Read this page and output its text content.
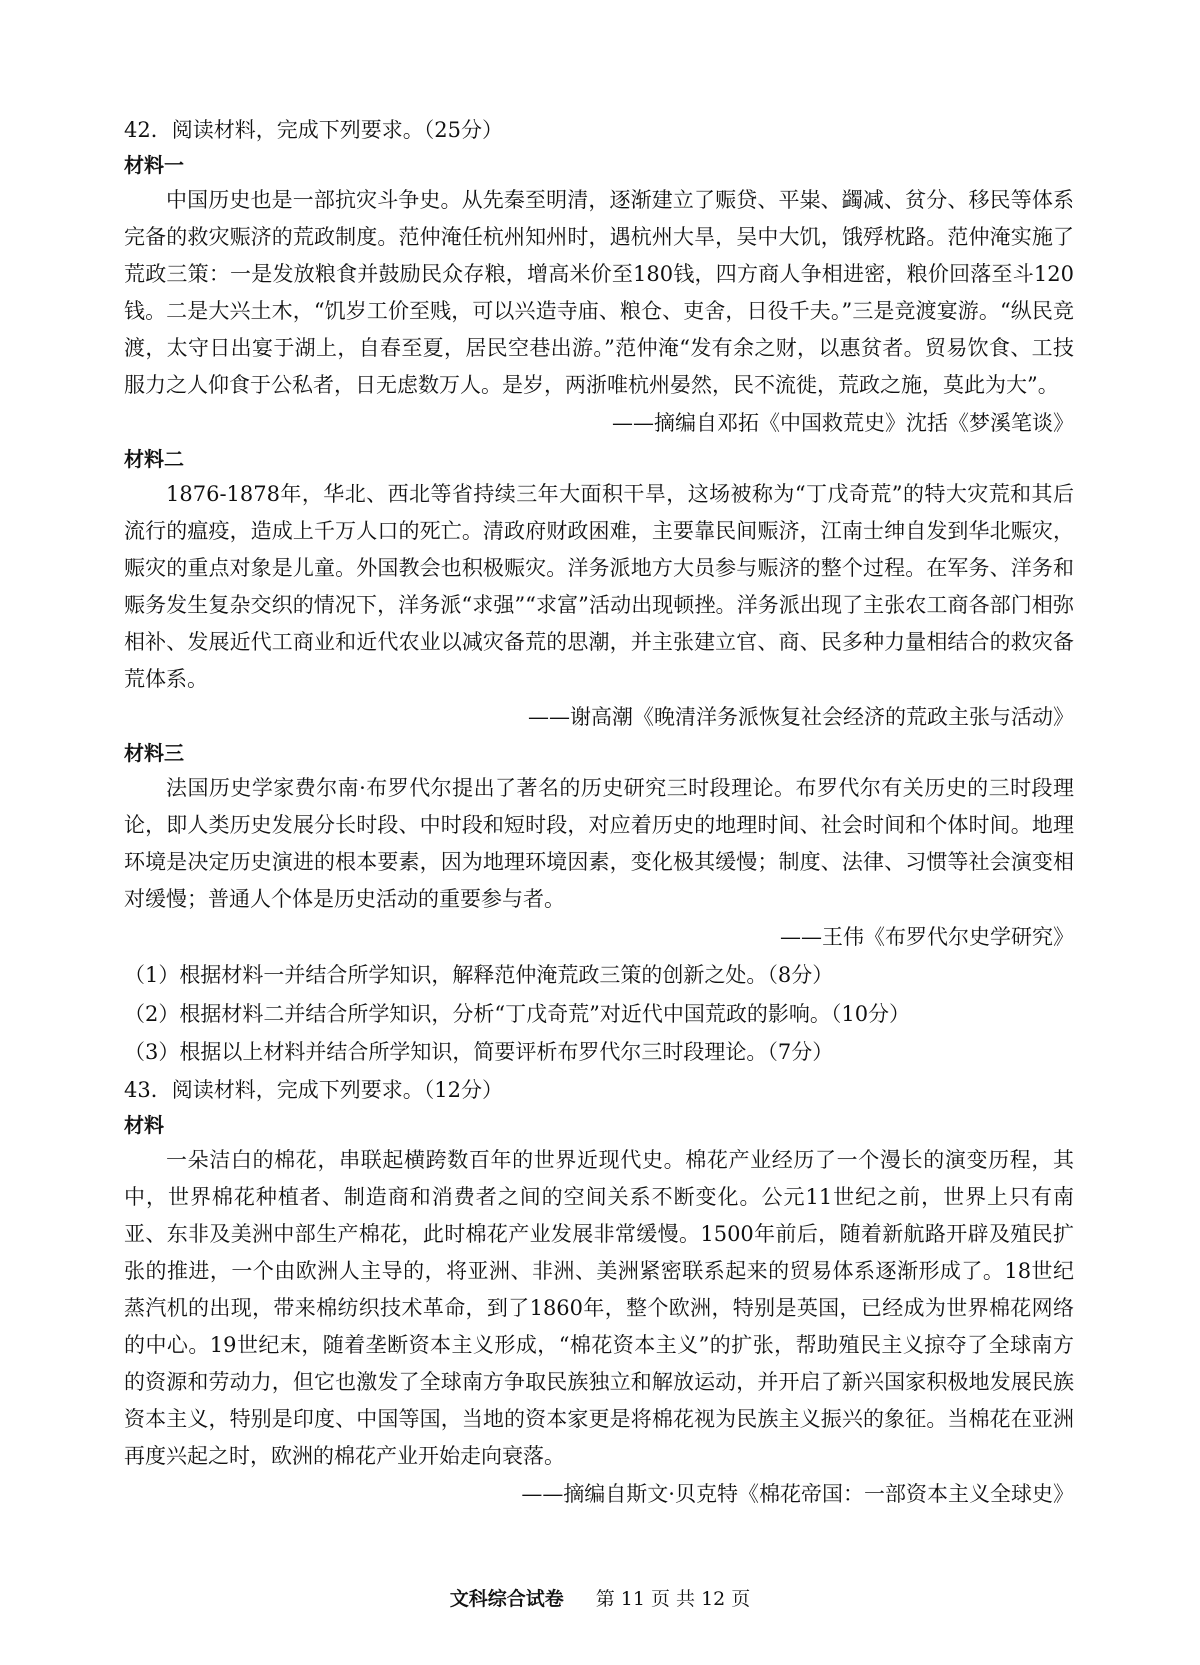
42．阅读材料，完成下列要求。（25分）
材料一

中国历史也是一部抗灾斗争史。从先秦至明清，逐渐建立了赈贷、平粜、蠲减、贫分、移民等体系完备的救灾赈济的荒政制度。范仲淹任杭州知州时，遇杭州大旱，吴中大饥，饿殍枕路。范仲淹实施了荒政三策：一是发放粮食并鼓励民众存粮，增高米价至180钱，四方商人争相进密，粮价回落至斗120钱。二是大兴土木，“饥岁工价至贱，可以兴造寺庙、粮仓、吏舍，日役千夫。”三是竞渡宴游。“纵民竞渡，太守日出宴于湖上，自春至夏，居民空巷出游。”范仲淹“发有余之财，以惠贫者。贸易饮食、工技服力之人仰食于公私者，日无虑数万人。是岁，两浙唯杭州晏然，民不流徙，荒政之施，莫此为大”。

——摘编自邓拓《中国救荒史》沈括《梦溪笔谈》
材料二

1876-1878年，华北、西北等省持续三年大面积干旱，这场被称为“丁戊奇荒”的特大灾荒和其后流行的瘟疫，造成上千万人口的死亡。清政府财政困难，主要靠民间赈济，江南士绅自发到华北赈灾，赈灾的重点对象是儿童。外国教会也积极赈灾。洋务派地方大员参与赈济的整个过程。在军务、洋务和赈务发生复杂交织的情况下，洋务派“求强”“求富”活动出现顿挫。洋务派出现了主张农工商各部门相弥相补、发展近代工商业和近代农业以减灾备荒的思潮，并主张建立官、商、民多种力量相结合的救灾备荒体系。

——谢高潮《晚清洋务派恢复社会经济的荒政主张与活动》
材料三

法国历史学家费尔南·布罗代尔提出了著名的历史研究三时段理论。布罗代尔有关历史的三时段理论，即人类历史发展分长时段、中时段和短时段，对应着历史的地理时间、社会时间和个体时间。地理环境是决定历史演进的根本要素，因为地理环境因素，变化极其缓慢；制度、法律、习惯等社会演变相对缓慢；普通人个体是历史活动的重要参与者。

——王伟《布罗代尔史学研究》
（1）根据材料一并结合所学知识，解释范仲淹荒政三策的创新之处。（8分）
（2）根据材料二并结合所学知识，分析“丁戊奇荒”对近代中国荒政的影响。（10分）
（3）根据以上材料并结合所学知识，简要评析布罗代尔三时段理论。（7分）
43．阅读材料，完成下列要求。（12分）
材料

一朵洁白的棉花，串联起横跨数百年的世界近现代史。棉花产业经历了一个漫长的演变历程，其中，世界棉花种植者、制造商和消费者之间的空间关系不断变化。公元11世纪之前，世界上只有南亚、东非及美洲中部生产棉花，此时棉花产业发展非常缓慢。1500年前后，随着新航路开辟及殖民扩张的推进，一个由欧洲人主导的，将亚洲、非洲、美洲紧密联系起来的贸易体系逐渐形成了。18世纪蒸汽机的出现，带来棉纺织技术革命，到了1860年，整个欧洲，特别是英国，已经成为世界棉花网络的中心。19世纪末，随着垄断资本主义形成，“棉花资本主义”的扩张，帮助殖民主义掠夺了全球南方的资源和劳动力，但它也激发了全球南方争取民族独立和解放运动，并开启了新兴国家积极地发展民族资本主义，特别是印度、中国等国，当地的资本家更是将棉花视为民族主义振兴的象征。当棉花在亚洲再度兴起之时，欧洲的棉花产业开始走向衰落。

——摘编自斯文·贝克特《棉花帝国：一部资本主义全球史》
文科综合试卷 第 11 页 共 12 页
